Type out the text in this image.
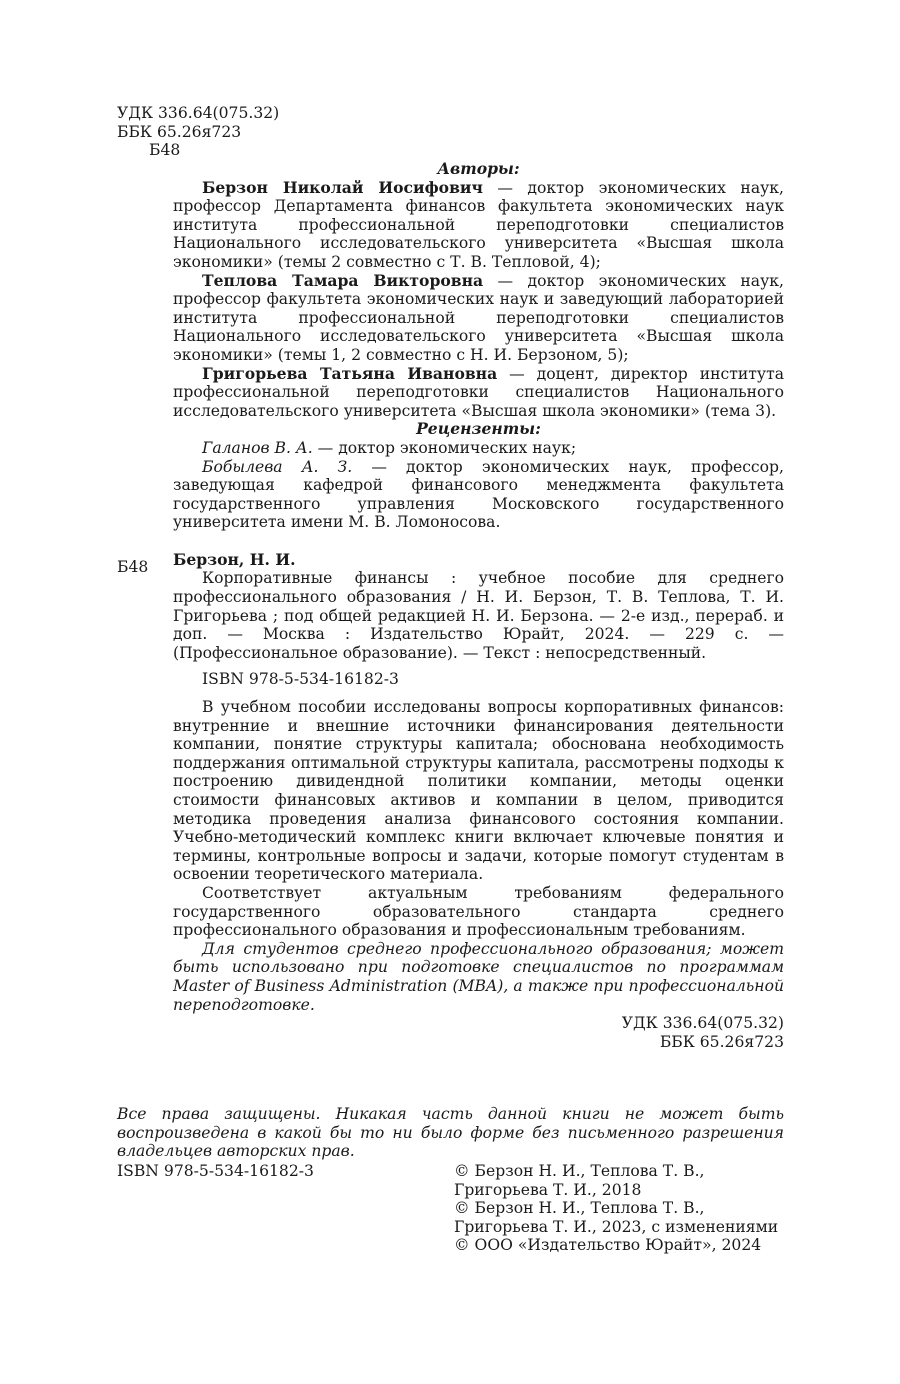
УДК 336.64(075.32)
ББК 65.26я723
Б48
Авторы:

Берзон Николай Иосифович — доктор экономических наук, профессор Департамента финансов факультета экономических наук института профессиональной переподготовки специалистов Национального исследовательского университета «Высшая школа экономики» (темы 2 совместно с Т. В. Тепловой, 4);

Теплова Тамара Викторовна — доктор экономических наук, профессор факультета экономических наук и заведующий лабораторией института профессиональной переподготовки специалистов Национального исследовательского университета «Высшая школа экономики» (темы 1, 2 совместно с Н. И. Берзоном, 5);

Григорьева Татьяна Ивановна — доцент, директор института профессиональной переподготовки специалистов Национального исследовательского университета «Высшая школа экономики» (тема 3).

Рецензенты:

Галанов В. А. — доктор экономических наук;

Бобылева А. З. — доктор экономических наук, профессор, заведующая кафедрой финансового менеджмента факультета государственного управления Московского государственного университета имени М. В. Ломоносова.

Берзон, Н. И.

Корпоративные финансы : учебное пособие для среднего профессионального образования / Н. И. Берзон, Т. В. Теплова, Т. И. Григорьева ; под общей редакцией Н. И. Берзона. — 2-е изд., перераб. и доп. — Москва : Издательство Юрайт, 2024. — 229 с. — (Профессиональное образование). — Текст : непосредственный.

ISBN 978-5-534-16182-3

В учебном пособии исследованы вопросы корпоративных финансов: внутренние и внешние источники финансирования деятельности компании, понятие структуры капитала; обоснована необходимость поддержания оптимальной структуры капитала, рассмотрены подходы к построению дивидендной политики компании, методы оценки стоимости финансовых активов и компании в целом, приводится методика проведения анализа финансового состояния компании. Учебно-методический комплекс книги включает ключевые понятия и термины, контрольные вопросы и задачи, которые помогут студентам в освоении теоретического материала.

Соответствует актуальным требованиям федерального государственного образовательного стандарта среднего профессионального образования и профессиональным требованиям.

Для студентов среднего профессионального образования; может быть использовано при подготовке специалистов по программам Master of Business Administration (MBA), а также при профессиональной переподготовке.

УДК 336.64(075.32)
ББК 65.26я723
Б48

Все права защищены. Никакая часть данной книги не может быть воспроизведена в какой бы то ни было форме без письменного разрешения владельцев авторских прав.

ISBN 978-5-534-16182-3	© Берзон Н. И., Теплова Т. В.,
Григорьева Т. И., 2018
© Берзон Н. И., Теплова Т. В.,
Григорьева Т. И., 2023, с изменениями
© ООО «Издательство Юрайт», 2024
